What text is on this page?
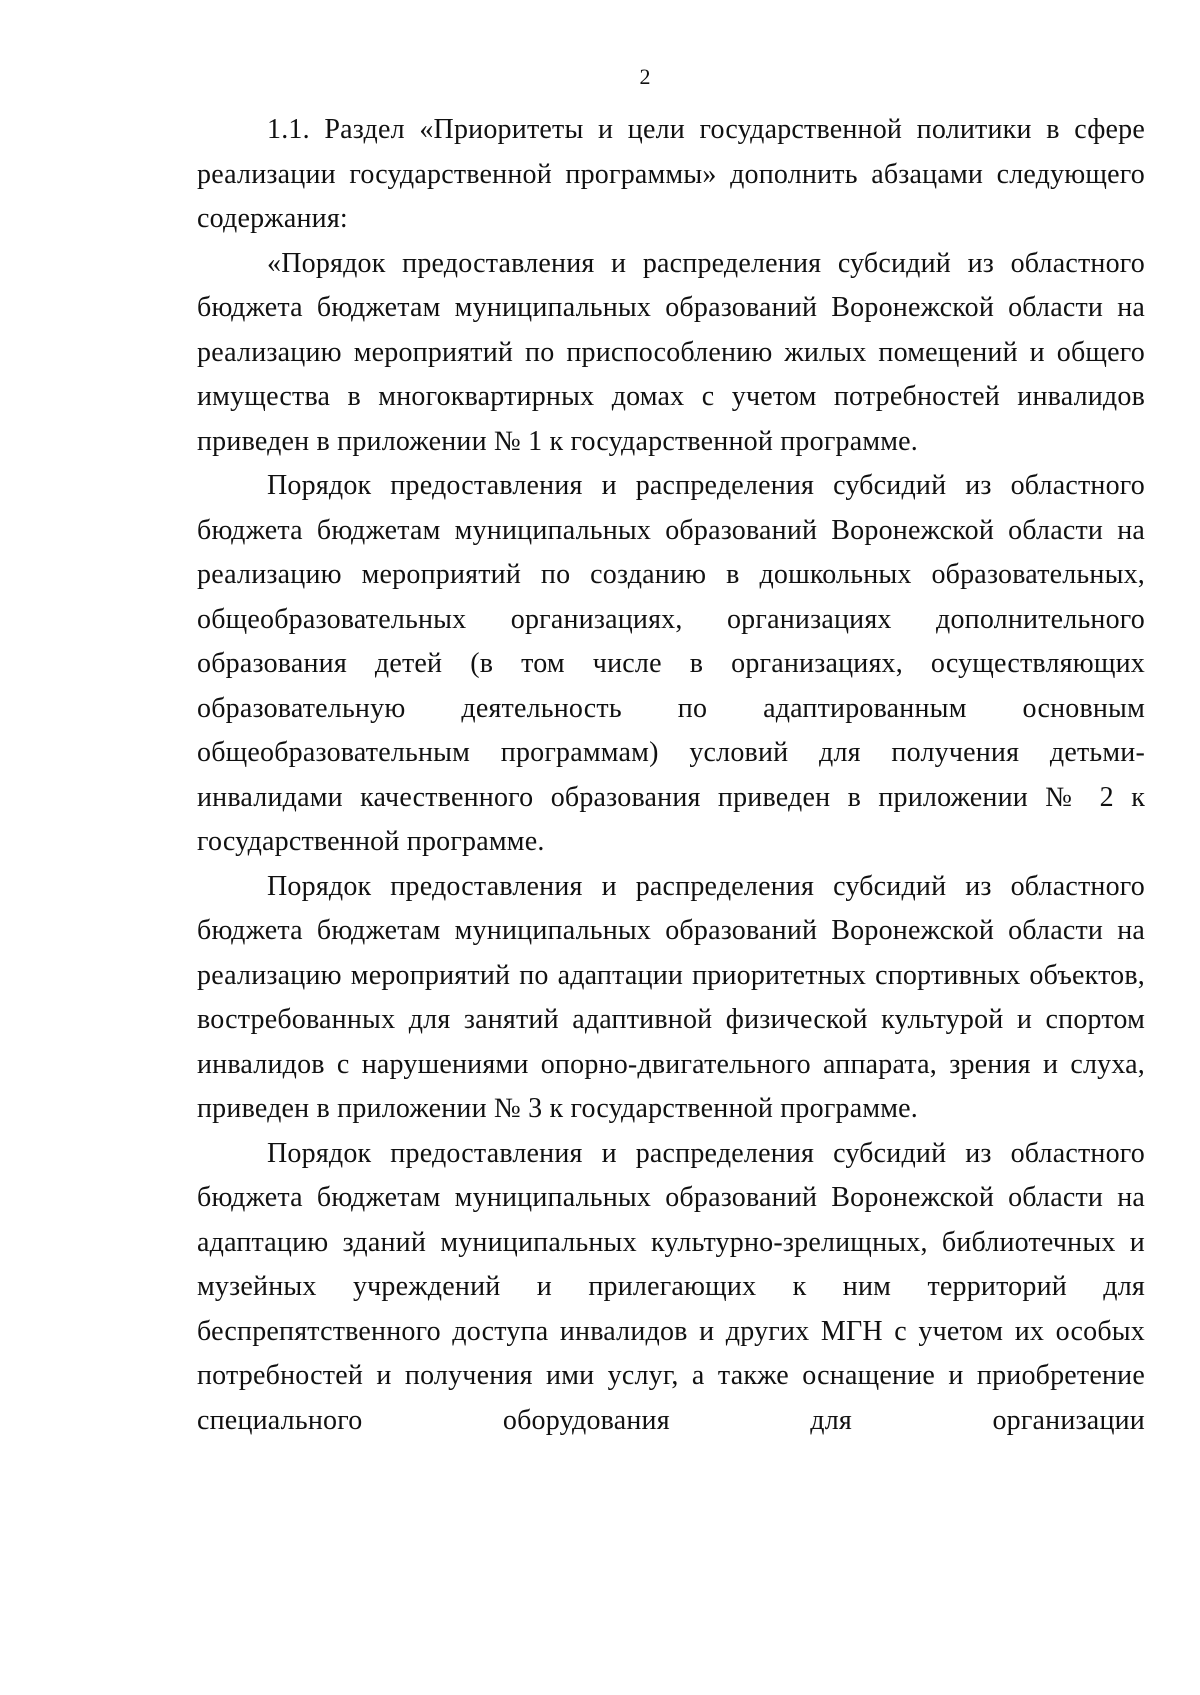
2

1.1. Раздел «Приоритеты и цели государственной политики в сфере реализации государственной программы» дополнить абзацами следующего содержания:

«Порядок предоставления и распределения субсидий из областного бюджета бюджетам муниципальных образований Воронежской области на реализацию мероприятий по приспособлению жилых помещений и общего имущества в многоквартирных домах с учетом потребностей инвалидов приведен в приложении № 1 к государственной программе.

Порядок предоставления и распределения субсидий из областного бюджета бюджетам муниципальных образований Воронежской области на реализацию мероприятий по созданию в дошкольных образовательных, общеобразовательных организациях, организациях дополнительного образования детей (в том числе в организациях, осуществляющих образовательную деятельность по адаптированным основным общеобразовательным программам) условий для получения детьми-инвалидами качественного образования приведен в приложении № 2 к государственной программе.

Порядок предоставления и распределения субсидий из областного бюджета бюджетам муниципальных образований Воронежской области на реализацию мероприятий по адаптации приоритетных спортивных объектов, востребованных для занятий адаптивной физической культурой и спортом инвалидов с нарушениями опорно-двигательного аппарата, зрения и слуха, приведен в приложении № 3 к государственной программе.

Порядок предоставления и распределения субсидий из областного бюджета бюджетам муниципальных образований Воронежской области на адаптацию зданий муниципальных культурно-зрелищных, библиотечных и музейных учреждений и прилегающих к ним территорий для беспрепятственного доступа инвалидов и других МГН с учетом их особых потребностей и получения ими услуг, а также оснащение и приобретение специального оборудования для организации
